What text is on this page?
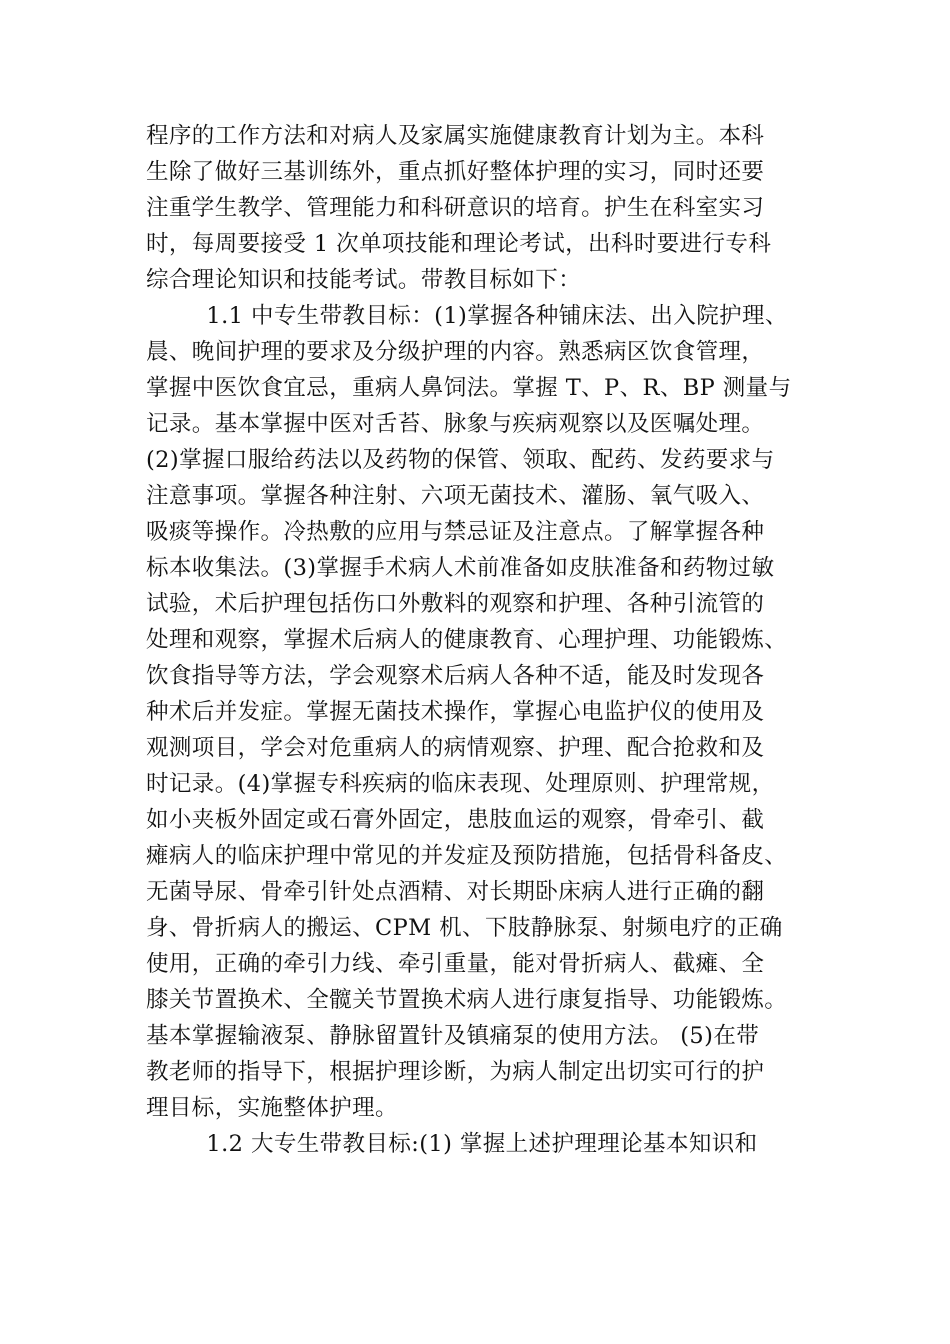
程序的工作方法和对病人及家属实施健康教育计划为主。本科
生除了做好三基训练外，重点抓好整体护理的实习，同时还要
注重学生教学、管理能力和科研意识的培育。护生在科室实习
时，每周要接受 1 次单项技能和理论考试，出科时要进行专科
综合理论知识和技能考试。带教目标如下：
1.1 中专生带教目标：(1)掌握各种铺床法、出入院护理、
晨、晚间护理的要求及分级护理的内容。熟悉病区饮食管理，
掌握中医饮食宜忌，重病人鼻饲法。掌握 T、P、R、BP 测量与
记录。基本掌握中医对舌苔、脉象与疾病观察以及医嘱处理。
(2)掌握口服给药法以及药物的保管、领取、配药、发药要求与
注意事项。掌握各种注射、六项无菌技术、灌肠、氧气吸入、
吸痰等操作。冷热敷的应用与禁忌证及注意点。了解掌握各种
标本收集法。(3)掌握手术病人术前准备如皮肤准备和药物过敏
试验，术后护理包括伤口外敷料的观察和护理、各种引流管的
处理和观察，掌握术后病人的健康教育、心理护理、功能锻炼、
饮食指导等方法，学会观察术后病人各种不适，能及时发现各
种术后并发症。掌握无菌技术操作，掌握心电监护仪的使用及
观测项目，学会对危重病人的病情观察、护理、配合抢救和及
时记录。(4)掌握专科疾病的临床表现、处理原则、护理常规，
如小夹板外固定或石膏外固定，患肢血运的观察，骨牵引、截
瘫病人的临床护理中常见的并发症及预防措施，包括骨科备皮、
无菌导尿、骨牵引针处点酒精、对长期卧床病人进行正确的翻
身、骨折病人的搬运、CPM 机、下肢静脉泵、射频电疗的正确
使用，正确的牵引力线、牵引重量，能对骨折病人、截瘫、全
膝关节置换术、全髋关节置换术病人进行康复指导、功能锻炼。
基本掌握输液泵、静脉留置针及镇痛泵的使用方法。 (5)在带
教老师的指导下，根据护理诊断，为病人制定出切实可行的护
理目标，实施整体护理。
1.2 大专生带教目标:(1) 掌握上述护理理论基本知识和
